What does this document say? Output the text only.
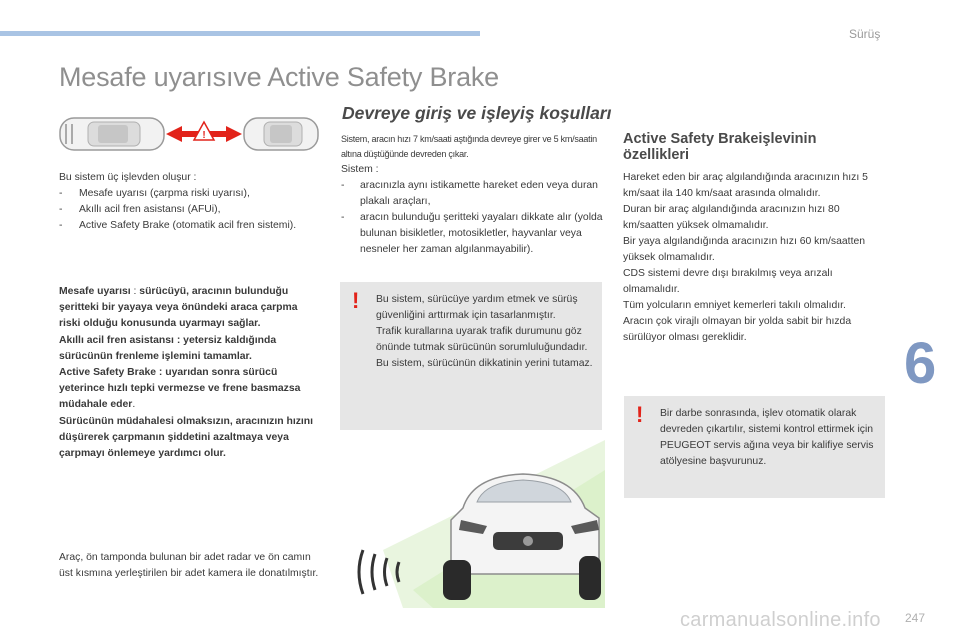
Sürüş
Mesafe uyarısıve Active Safety Brake
6
247
carmanualsonline.info
!

Bu sistem üç işlevden oluşur :

-	Mesafe uyarısı (çarpma riski uyarısı),
-	Akıllı acil fren asistansı (AFUi),
-	Active Safety Brake (otomatik acil fren sistemi).

Mesafe uyarısı : sürücüyü, aracının bulunduğu şeritteki bir yayaya veya önündeki araca çarpma riski olduğu konusunda uyarmayı sağlar.

Akıllı acil fren asistansı : yetersiz kaldığında sürücünün frenleme işlemini tamamlar.

Active Safety Brake : uyarıdan sonra sürücü yeterince hızlı tepki vermezse ve frene basmazsa müdahale eder.

Sürücünün müdahalesi olmaksızın, aracınızın hızını düşürerek çarpmanın şiddetini azaltmaya veya çarpmayı önlemeye yardımcı olur.

Araç, ön tamponda bulunan bir adet radar ve ön camın üst kısmına yerleştirilen bir adet kamera ile donatılmıştır.
Devreye giriş ve işleyiş koşulları
Sistem, aracın hızı 7 km/saati aştığında devreye girer ve 5 km/saatin altına düştüğünde devreden çıkar.

Sistem :

-	aracınızla aynı istikamette hareket eden veya duran plakalı araçları,
-	aracın bulunduğu şeritteki yayaları dikkate alır (yolda bulunan bisikletler, motosikletler, hayvanlar veya nesneler her zaman algılanmayabilir).
! Bu sistem, sürücüye yardım etmek ve sürüş güvenliğini arttırmak için tasarlanmıştır.
Trafik kurallarına uyarak trafik durumunu göz önünde tutmak sürücünün sorumluluğundadır.
Bu sistem, sürücünün dikkatinin yerini tutamaz.
Active Safety Brakeişlevinin özellikleri

Hareket eden bir araç algılandığında aracınızın hızı 5 km/saat ila 140 km/saat arasında olmalıdır.

Duran bir araç algılandığında aracınızın hızı 80 km/saatten yüksek olmamalıdır.

Bir yaya algılandığında aracınızın hızı 60 km/saatten yüksek olmamalıdır.

CDS sistemi devre dışı bırakılmış veya arızalı olmamalıdır.

Tüm yolcuların emniyet kemerleri takılı olmalıdır.

Aracın çok virajlı olmayan bir yolda sabit bir hızda sürülüyor olması gereklidir.

! Bir darbe sonrasında, işlev otomatik olarak devreden çıkartılır, sistemi kontrol ettirmek için PEUGEOT servis ağına veya bir kalifiye servis atölyesine başvurunuz.
